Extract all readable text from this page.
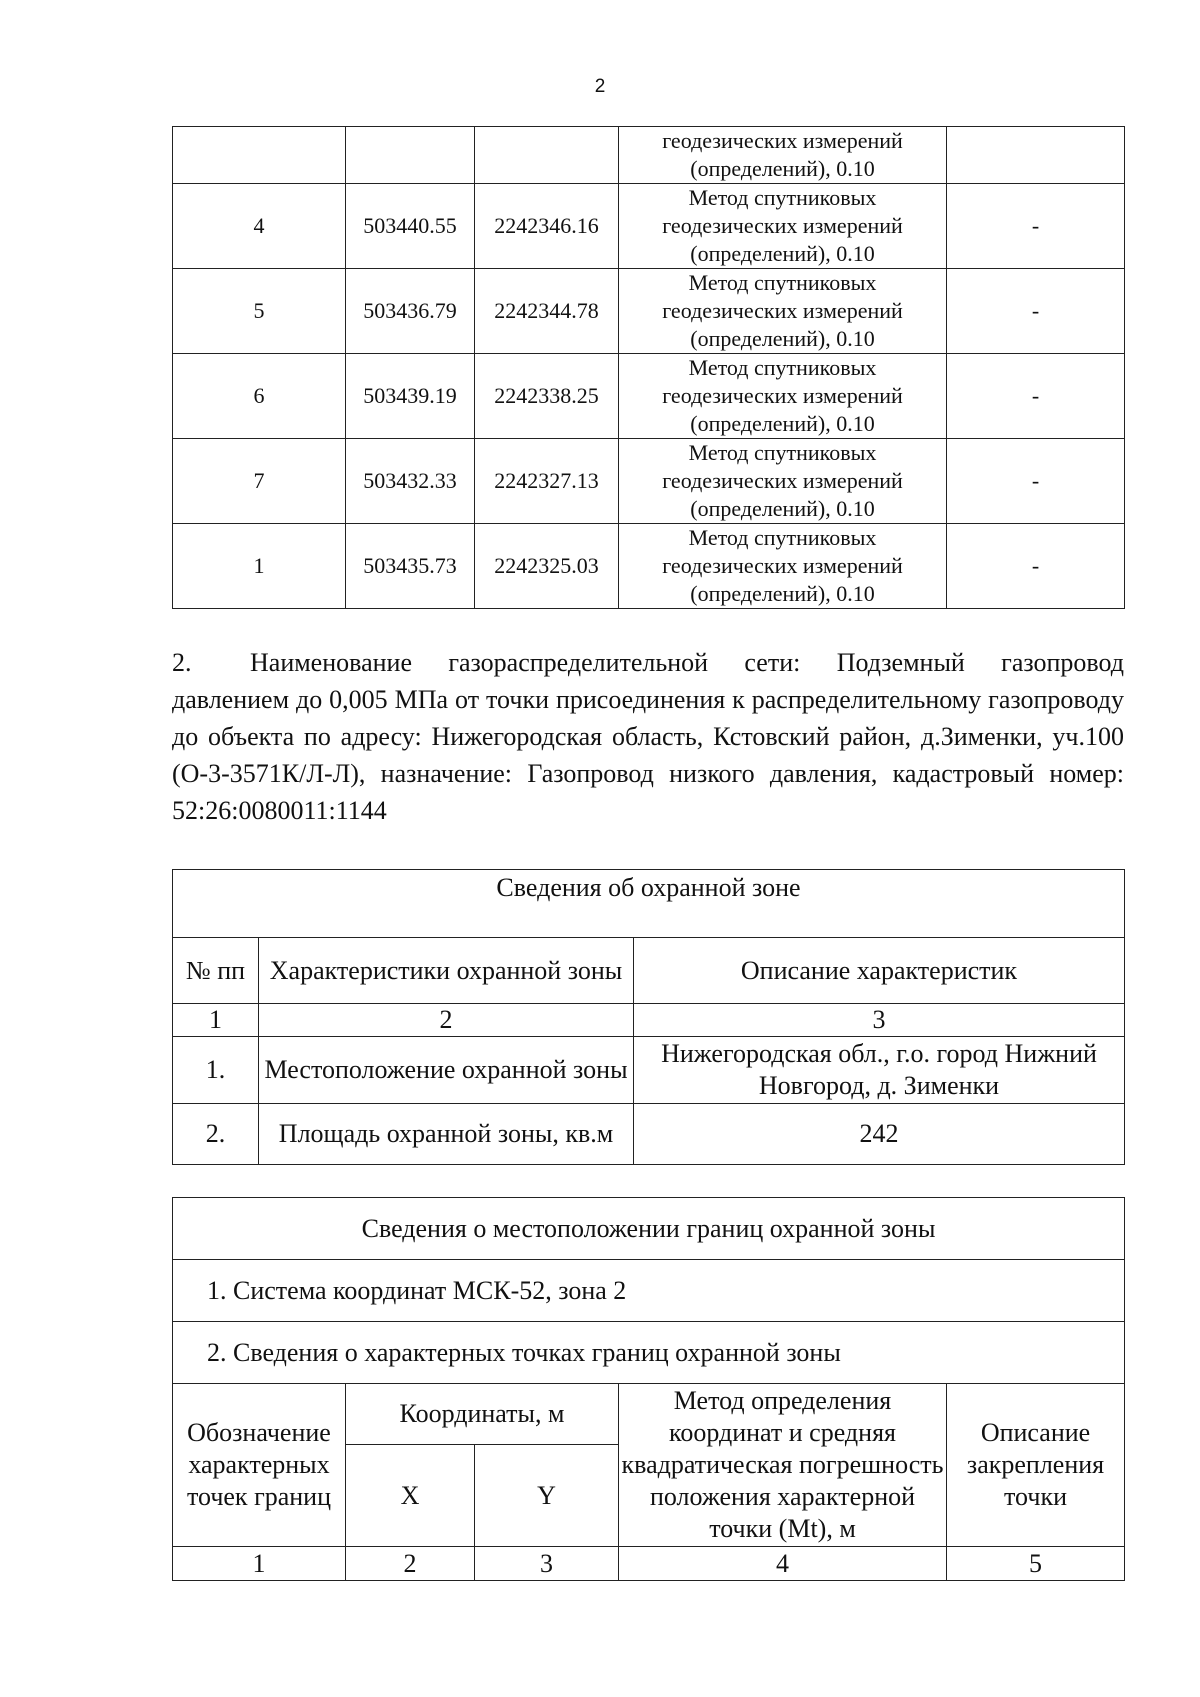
2
			геодезических измерений
(определений), 0.10	
4	503440.55	2242346.16	Метод спутниковых
геодезических измерений
(определений), 0.10	-
5	503436.79	2242344.78	Метод спутниковых
геодезических измерений
(определений), 0.10	-
6	503439.19	2242338.25	Метод спутниковых
геодезических измерений
(определений), 0.10	-
7	503432.33	2242327.13	Метод спутниковых
геодезических измерений
(определений), 0.10	-
1	503435.73	2242325.03	Метод спутниковых
геодезических измерений
(определений), 0.10	-

2. Наименование газораспределительной сети: Подземный газопровод давлением до 0,005 МПа от точки присоединения к распределительному газопроводу до объекта по адресу: Нижегородская область, Кстовский район, д.Зименки, уч.100 (О-3-3571К/Л-Л), назначение: Газопровод низкого давления, кадастровый номер: 52:26:0080011:1144

Сведения об охранной зоне		
№ пп	Характеристики охранной зоны	Описание характеристик
1	2	3
1.	Местоположение охранной зоны	Нижегородская обл., г.о. город Нижний Новгород, д. Зименки
2.	Площадь охранной зоны, кв.м	242
Сведения о местоположении границ охранной зоны				
1. Система координат МСК-52, зона 2				
2. Сведения о характерных точках границ охранной зоны				
Обозначение характерных точек границ	Координаты, м		Метод определения координат и средняя квадратическая погрешность положения характерной точки (Mt), м	Описание закрепления точки
	X	Y		
1	2	3	4	5
